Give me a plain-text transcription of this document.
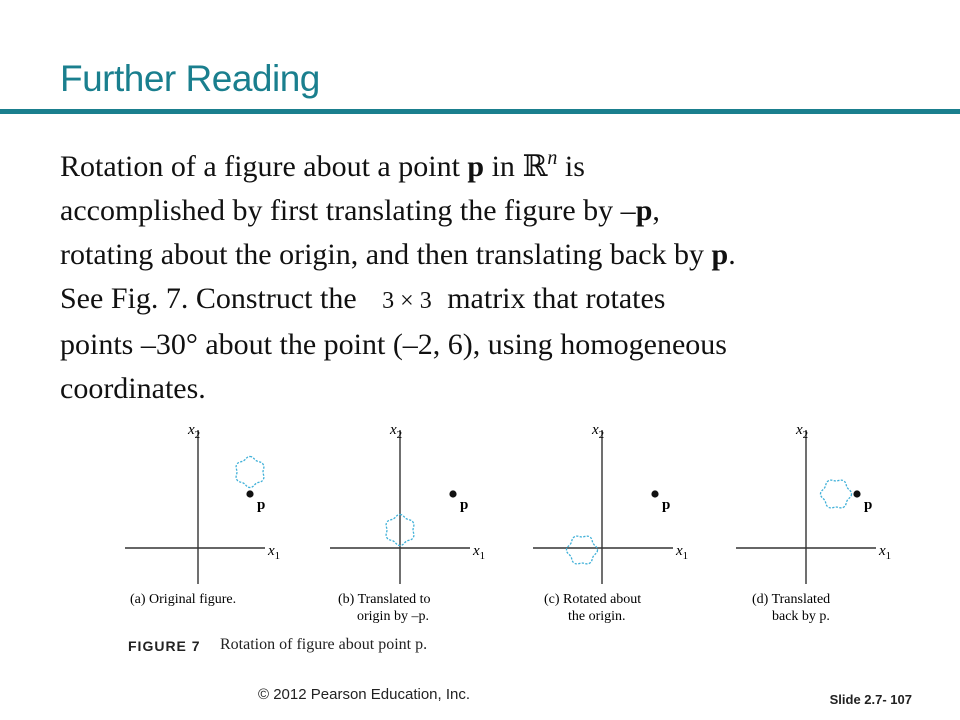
Further Reading
Rotation of a figure about a point p in ℝ$^n$ is
accomplished by first translating the figure by –p,
rotating about the origin, and then translating back by p.
See Fig. 7. Construct the 3 × 3 matrix that rotates
points –30° about the point (–2, 6), using homogeneous
coordinates.
$x_2$
$x_1$
p
(a) Original figure.
$x_2$
$x_1$
p
(b) Translated to
origin by –p.
$x_2$
$x_1$
p
(c) Rotated about
the origin.
$x_2$
$x_1$
p
(d) Translated
back by p.
FIGURE 7 Rotation of figure about point p.
© 2012 Pearson Education, Inc.	Slide 2.7- 107
